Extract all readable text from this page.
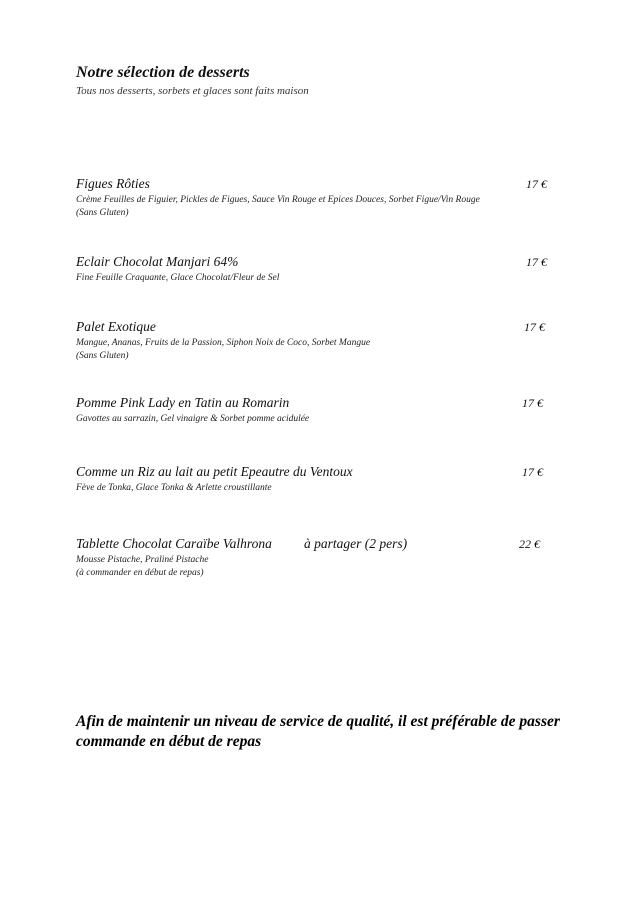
Notre sélection de desserts
Tous nos desserts, sorbets et glaces sont faits maison
Figues Rôties	17 €
Crème Feuilles de Figuier, Pickles de Figues, Sauce Vin Rouge et Epices Douces, Sorbet Figue/Vin Rouge
(Sans Gluten)
Eclair Chocolat Manjari 64%	17 €
Fine Feuille Craquante, Glace Chocolat/Fleur de Sel
Palet Exotique	17 €
Mangue, Ananas, Fruits de la Passion, Siphon Noix de Coco, Sorbet Mangue
(Sans Gluten)
Pomme Pink Lady en Tatin au Romarin	17 €
Gavottes au sarrazin, Gel vinaigre & Sorbet pomme acidulée
Comme un Riz au lait au petit Epeautre du Ventoux	17 €
Fève de Tonka, Glace Tonka & Arlette croustillante
Tablette Chocolat Caraïbe Valhrona	à partager (2 pers)	22 €
Mousse Pistache, Praliné Pistache
(à commander en début de repas)
Afin de maintenir un niveau de service de qualité, il est préférable de passer commande en début de repas
